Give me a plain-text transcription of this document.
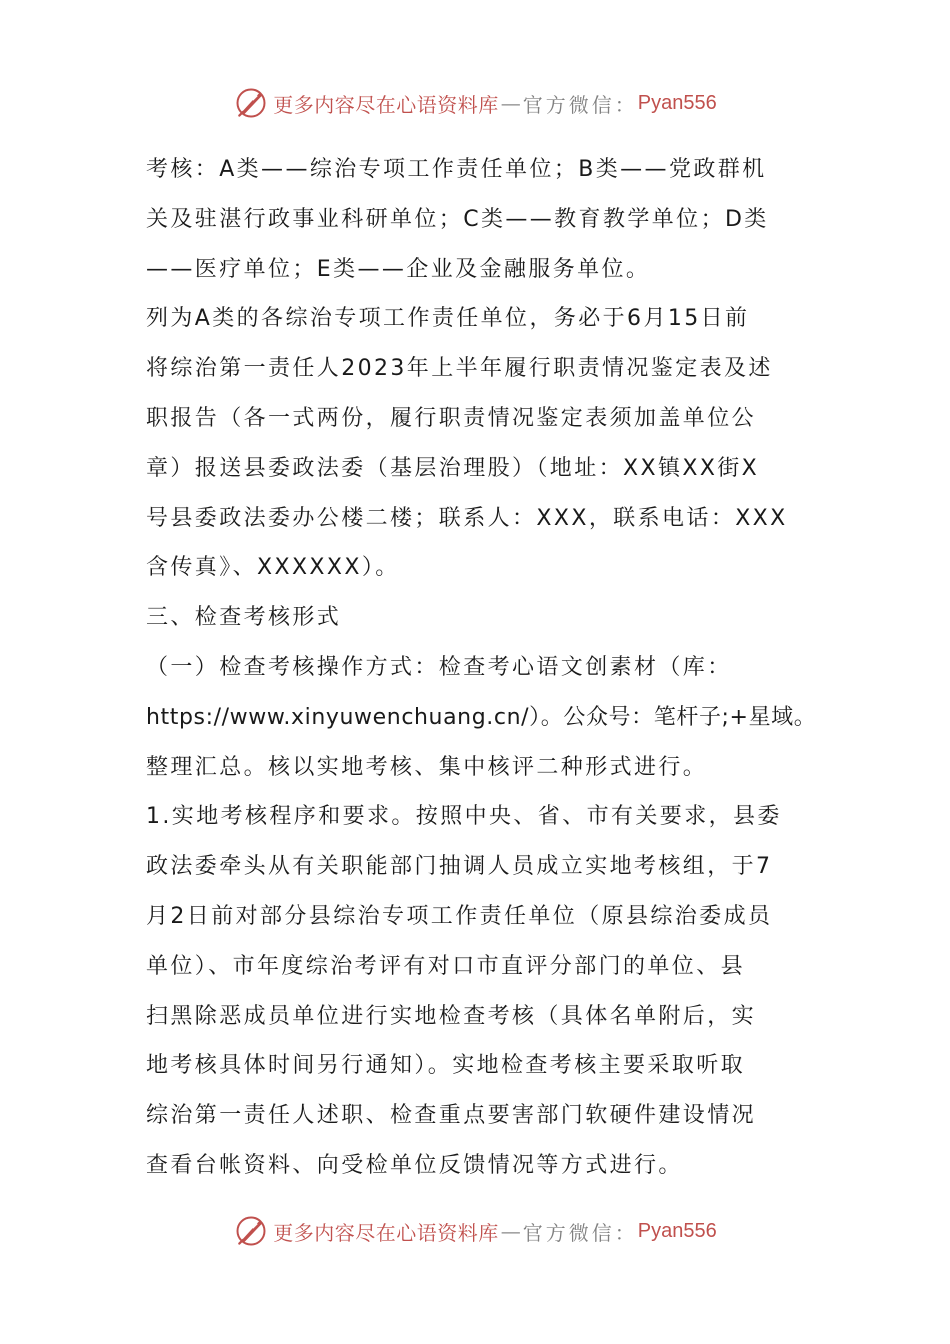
更多内容尽在心语资料库 — 官方微信： Pyan556

考核：A类——综治专项工作责任单位；B类——党政群机

关及驻湛行政事业科研单位；C类——教育教学单位；D类

——医疗单位；E类——企业及金融服务单位。

列为A类的各综治专项工作责任单位，务必于6月15日前

将综治第一责任人2023年上半年履行职责情况鉴定表及述

职报告（各一式两份，履行职责情况鉴定表须加盖单位公

章）报送县委政法委（基层治理股）（地址：XX镇XX街X

号县委政法委办公楼二楼；联系人：XXX，联系电话：XXX

含传真》、XXXXXX）。

三、检查考核形式

（一）检查考核操作方式：检查考心语文创素材（库：

https://www.xinyuwenchuang.cn/）。公众号：笔杆子;+星域。

整理汇总。核以实地考核、集中核评二种形式进行。

1.实地考核程序和要求。按照中央、省、市有关要求，县委

政法委牵头从有关职能部门抽调人员成立实地考核组，于7

月2日前对部分县综治专项工作责任单位（原县综治委成员

单位）、市年度综治考评有对口市直评分部门的单位、县

扫黑除恶成员单位进行实地检查考核（具体名单附后，实

地考核具体时间另行通知）。实地检查考核主要采取听取

综治第一责任人述职、检查重点要害部门软硬件建设情况

查看台帐资料、向受检单位反馈情况等方式进行。

更多内容尽在心语资料库 — 官方微信： Pyan556
